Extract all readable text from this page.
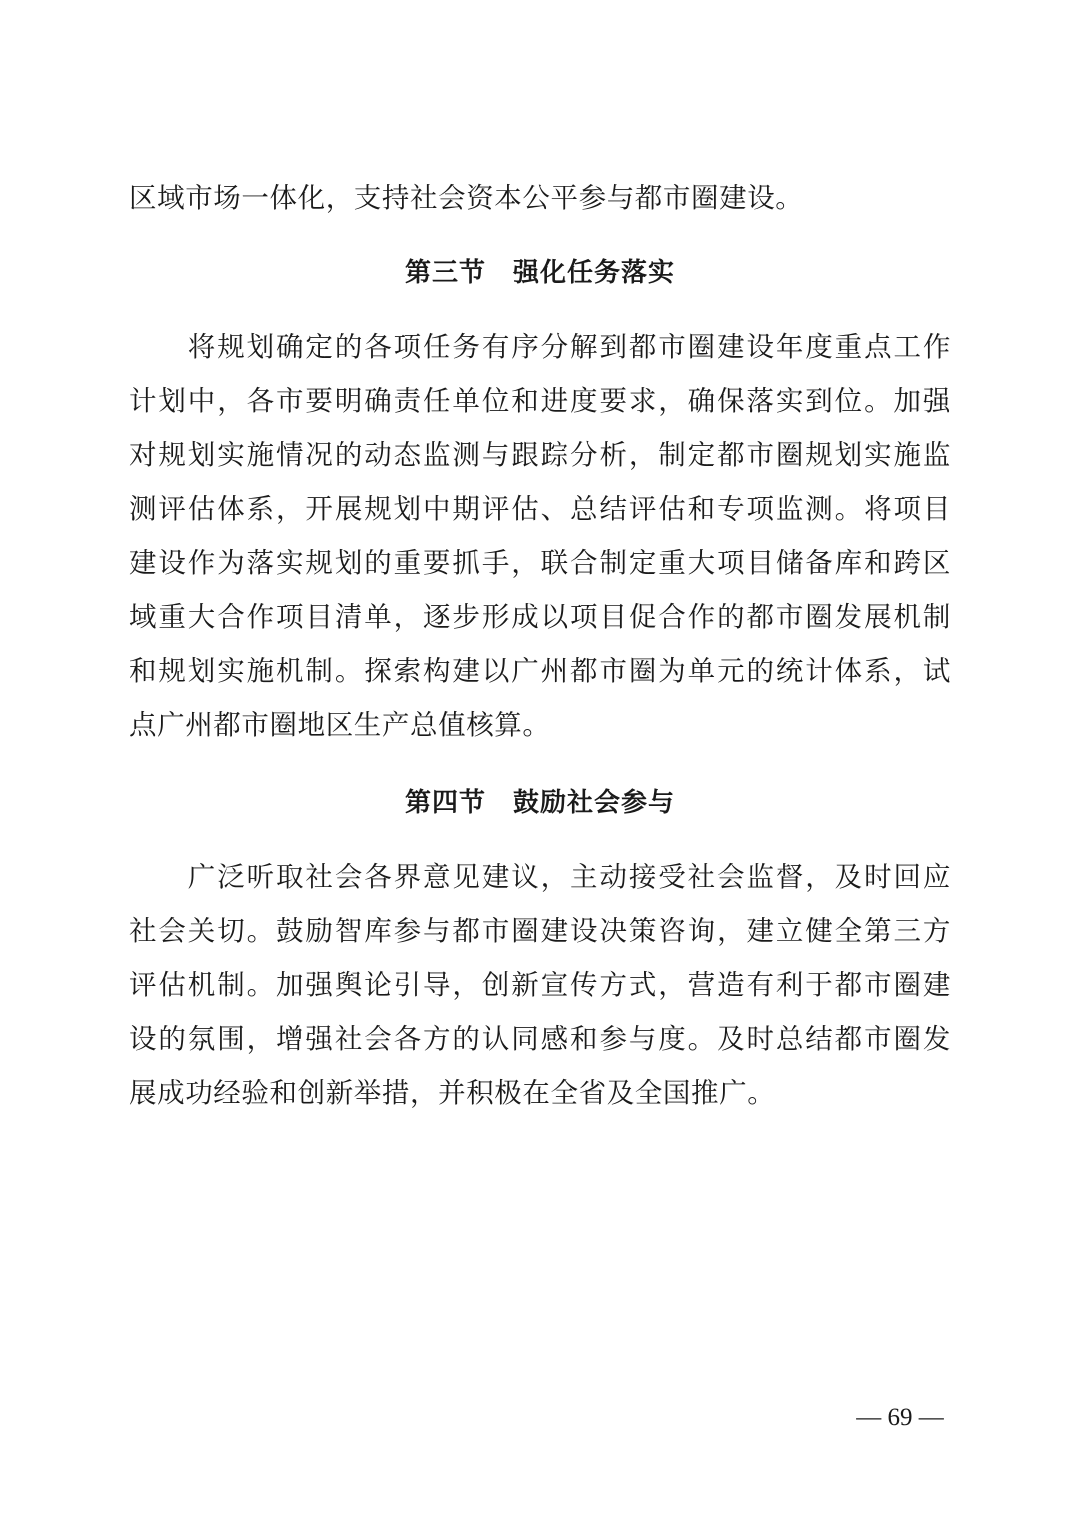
区域市场一体化，支持社会资本公平参与都市圈建设。
第三节　强化任务落实
　　将规划确定的各项任务有序分解到都市圈建设年度重点工作
计划中，各市要明确责任单位和进度要求，确保落实到位。加强
对规划实施情况的动态监测与跟踪分析，制定都市圈规划实施监
测评估体系，开展规划中期评估、总结评估和专项监测。将项目
建设作为落实规划的重要抓手，联合制定重大项目储备库和跨区
域重大合作项目清单，逐步形成以项目促合作的都市圈发展机制
和规划实施机制。探索构建以广州都市圈为单元的统计体系，试
点广州都市圈地区生产总值核算。
第四节　鼓励社会参与
　　广泛听取社会各界意见建议，主动接受社会监督，及时回应
社会关切。鼓励智库参与都市圈建设决策咨询，建立健全第三方
评估机制。加强舆论引导，创新宣传方式，营造有利于都市圈建
设的氛围，增强社会各方的认同感和参与度。及时总结都市圈发
展成功经验和创新举措，并积极在全省及全国推广。
— 69 —
